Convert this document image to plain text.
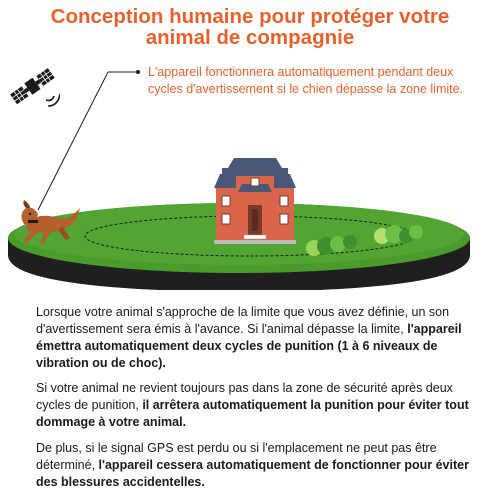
Conception humaine pour protéger votre
animal de compagnie
L'appareil fonctionnera automatiquement pendant deux cycles d'avertissement si le chien dépasse la zone limite.
Lorsque votre animal s'approche de la limite que vous avez définie, un son d'avertissement sera émis à l'avance. Si l'animal dépasse la limite, l'appareil émettra automatiquement deux cycles de punition (1 à 6 niveaux de vibration ou de choc).
Si votre animal ne revient toujours pas dans la zone de sécurité après deux cycles de punition, il arrêtera automatiquement la punition pour éviter tout dommage à votre animal.
De plus, si le signal GPS est perdu ou si l'emplacement ne peut pas être déterminé, l'appareil cessera automatiquement de fonctionner pour éviter des blessures accidentelles.
